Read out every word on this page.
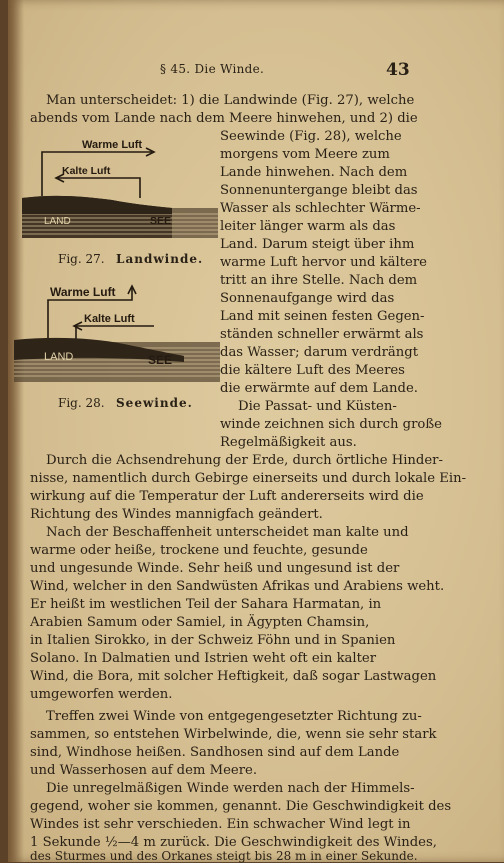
§ 45. Die Winde.	43
Man unterscheidet: 1) die Landwinde (Fig. 27), welche
abends vom Lande nach dem Meere hinwehen, und 2) die
Seewinde (Fig. 28), welche
morgens vom Meere zum
Lande hinwehen. Nach dem
Sonnenuntergange bleibt das
Wasser als schlechter Wärme-
leiter länger warm als das
Land. Darum steigt über ihm
warme Luft hervor und kältere
tritt an ihre Stelle. Nach dem
Sonnenaufgange wird das
Land mit seinen festen Gegen-
ständen schneller erwärmt als
das Wasser; darum verdrängt
die kältere Luft des Meeres
die erwärmte auf dem Lande.
Die Passat- und Küsten-
winde zeichnen sich durch große
Regelmäßigkeit aus.
Warme Luft
Kalte Luft
LAND	SEE
Fig. 27. Landwinde.
Warme Luft
Kalte Luft
LAND	SEE
Fig. 28. Seewinde.
Durch die Achsendrehung der Erde, durch örtliche Hinder-
nisse, namentlich durch Gebirge einerseits und durch lokale Ein-
wirkung auf die Temperatur der Luft andererseits wird die
Richtung des Windes mannigfach geändert.
Nach der Beschaffenheit unterscheidet man kalte und
warme oder heiße, trockene und feuchte, gesunde
und ungesunde Winde. Sehr heiß und ungesund ist der
Wind, welcher in den Sandwüsten Afrikas und Arabiens weht.
Er heißt im westlichen Teil der Sahara Harmatan, in
Arabien Samum oder Samiel, in Ägypten Chamsin,
in Italien Sirokko, in der Schweiz Föhn und in Spanien
Solano. In Dalmatien und Istrien weht oft ein kalter
Wind, die Bora, mit solcher Heftigkeit, daß sogar Lastwagen
umgeworfen werden.
Treffen zwei Winde von entgegengesetzter Richtung zu-
sammen, so entstehen Wirbelwinde, die, wenn sie sehr stark
sind, Windhose heißen. Sandhosen sind auf dem Lande
und Wasserhosen auf dem Meere.
Die unregelmäßigen Winde werden nach der Himmels-
gegend, woher sie kommen, genannt. Die Geschwindigkeit des
Windes ist sehr verschieden. Ein schwacher Wind legt in
1 Sekunde ½—4 m zurück. Die Geschwindigkeit des Windes,
des Sturmes und des Orkanes steigt bis 28 m in einer Sekunde.
